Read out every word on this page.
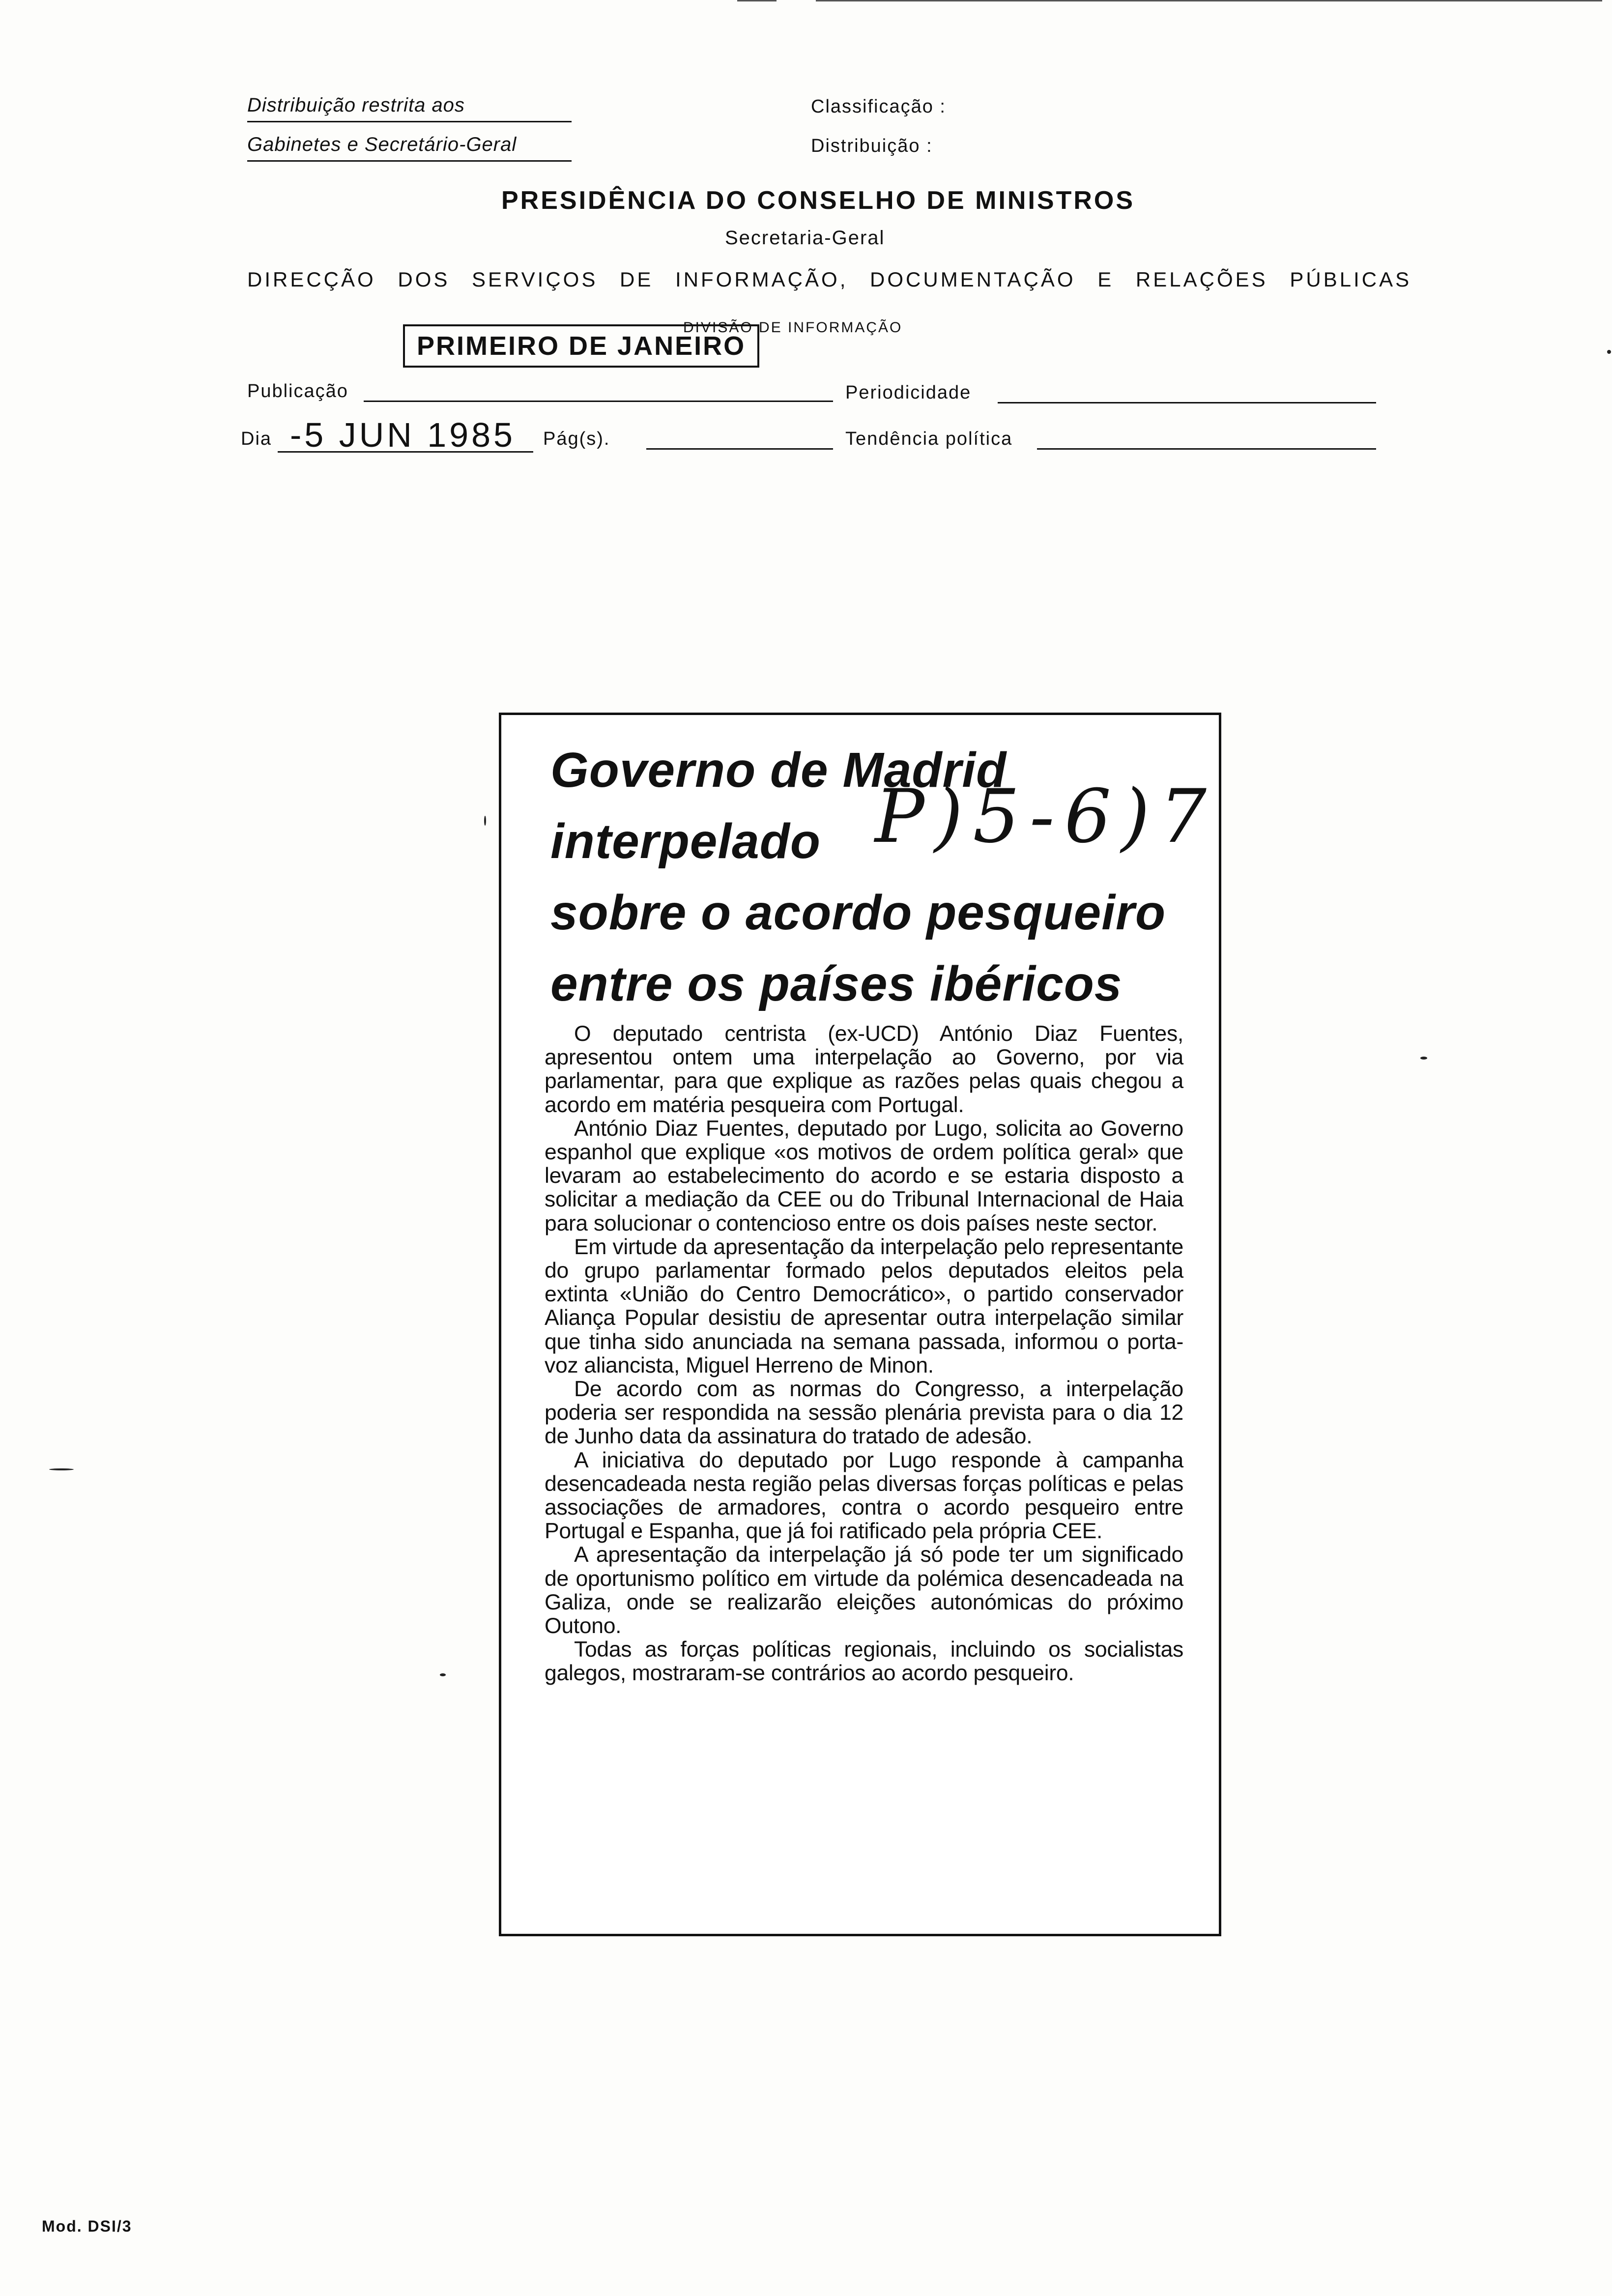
Distribuição restrita aos
Gabinetes e Secretário-Geral
Classificação :
Distribuição :
PRESIDÊNCIA DO CONSELHO DE MINISTROS
Secretaria-Geral
DIRECÇÃO DOS SERVIÇOS DE INFORMAÇÃO, DOCUMENTAÇÃO E RELAÇÕES PÚBLICAS
PRIMEIRO DE JANEIRO
DIVISÃO DE INFORMAÇÃO
Publicação	Periodicidade
Dia -5 JUN 1985 Pág(s).	Tendência política
Governo de Madrid
interpelado
sobre o acordo pesqueiro
entre os países ibéricos
P)5-6)7

O deputado centrista (ex-UCD) António Diaz Fuentes, apresentou ontem uma interpelação ao Governo, por via parlamentar, para que explique as razões pelas quais chegou a acordo em matéria pesqueira com Portugal.

António Diaz Fuentes, deputado por Lugo, solicita ao Governo espanhol que explique «os motivos de ordem política geral» que levaram ao estabelecimento do acordo e se estaria disposto a solicitar a mediação da CEE ou do Tribunal Internacional de Haia para solucionar o contencioso entre os dois países neste sector.

Em virtude da apresentação da interpelação pelo representante do grupo parlamentar formado pelos deputados eleitos pela extinta «União do Centro Democrático», o partido conservador Aliança Popular desistiu de apresentar outra interpelação similar que tinha sido anunciada na semana passada, informou o porta-voz aliancista, Miguel Herreno de Minon.

De acordo com as normas do Congresso, a interpelação poderia ser respondida na sessão plenária prevista para o dia 12 de Junho data da assinatura do tratado de adesão.

A iniciativa do deputado por Lugo responde à campanha desencadeada nesta região pelas diversas forças políticas e pelas associações de armadores, contra o acordo pesqueiro entre Portugal e Espanha, que já foi ratificado pela própria CEE.

A apresentação da interpelação já só pode ter um significado de oportunismo político em virtude da polémica desencadeada na Galiza, onde se realizarão eleições autonómicas do próximo Outono.

Todas as forças políticas regionais, incluindo os socialistas galegos, mostraram-se contrários ao acordo pesqueiro.

Mod. DSI/3
